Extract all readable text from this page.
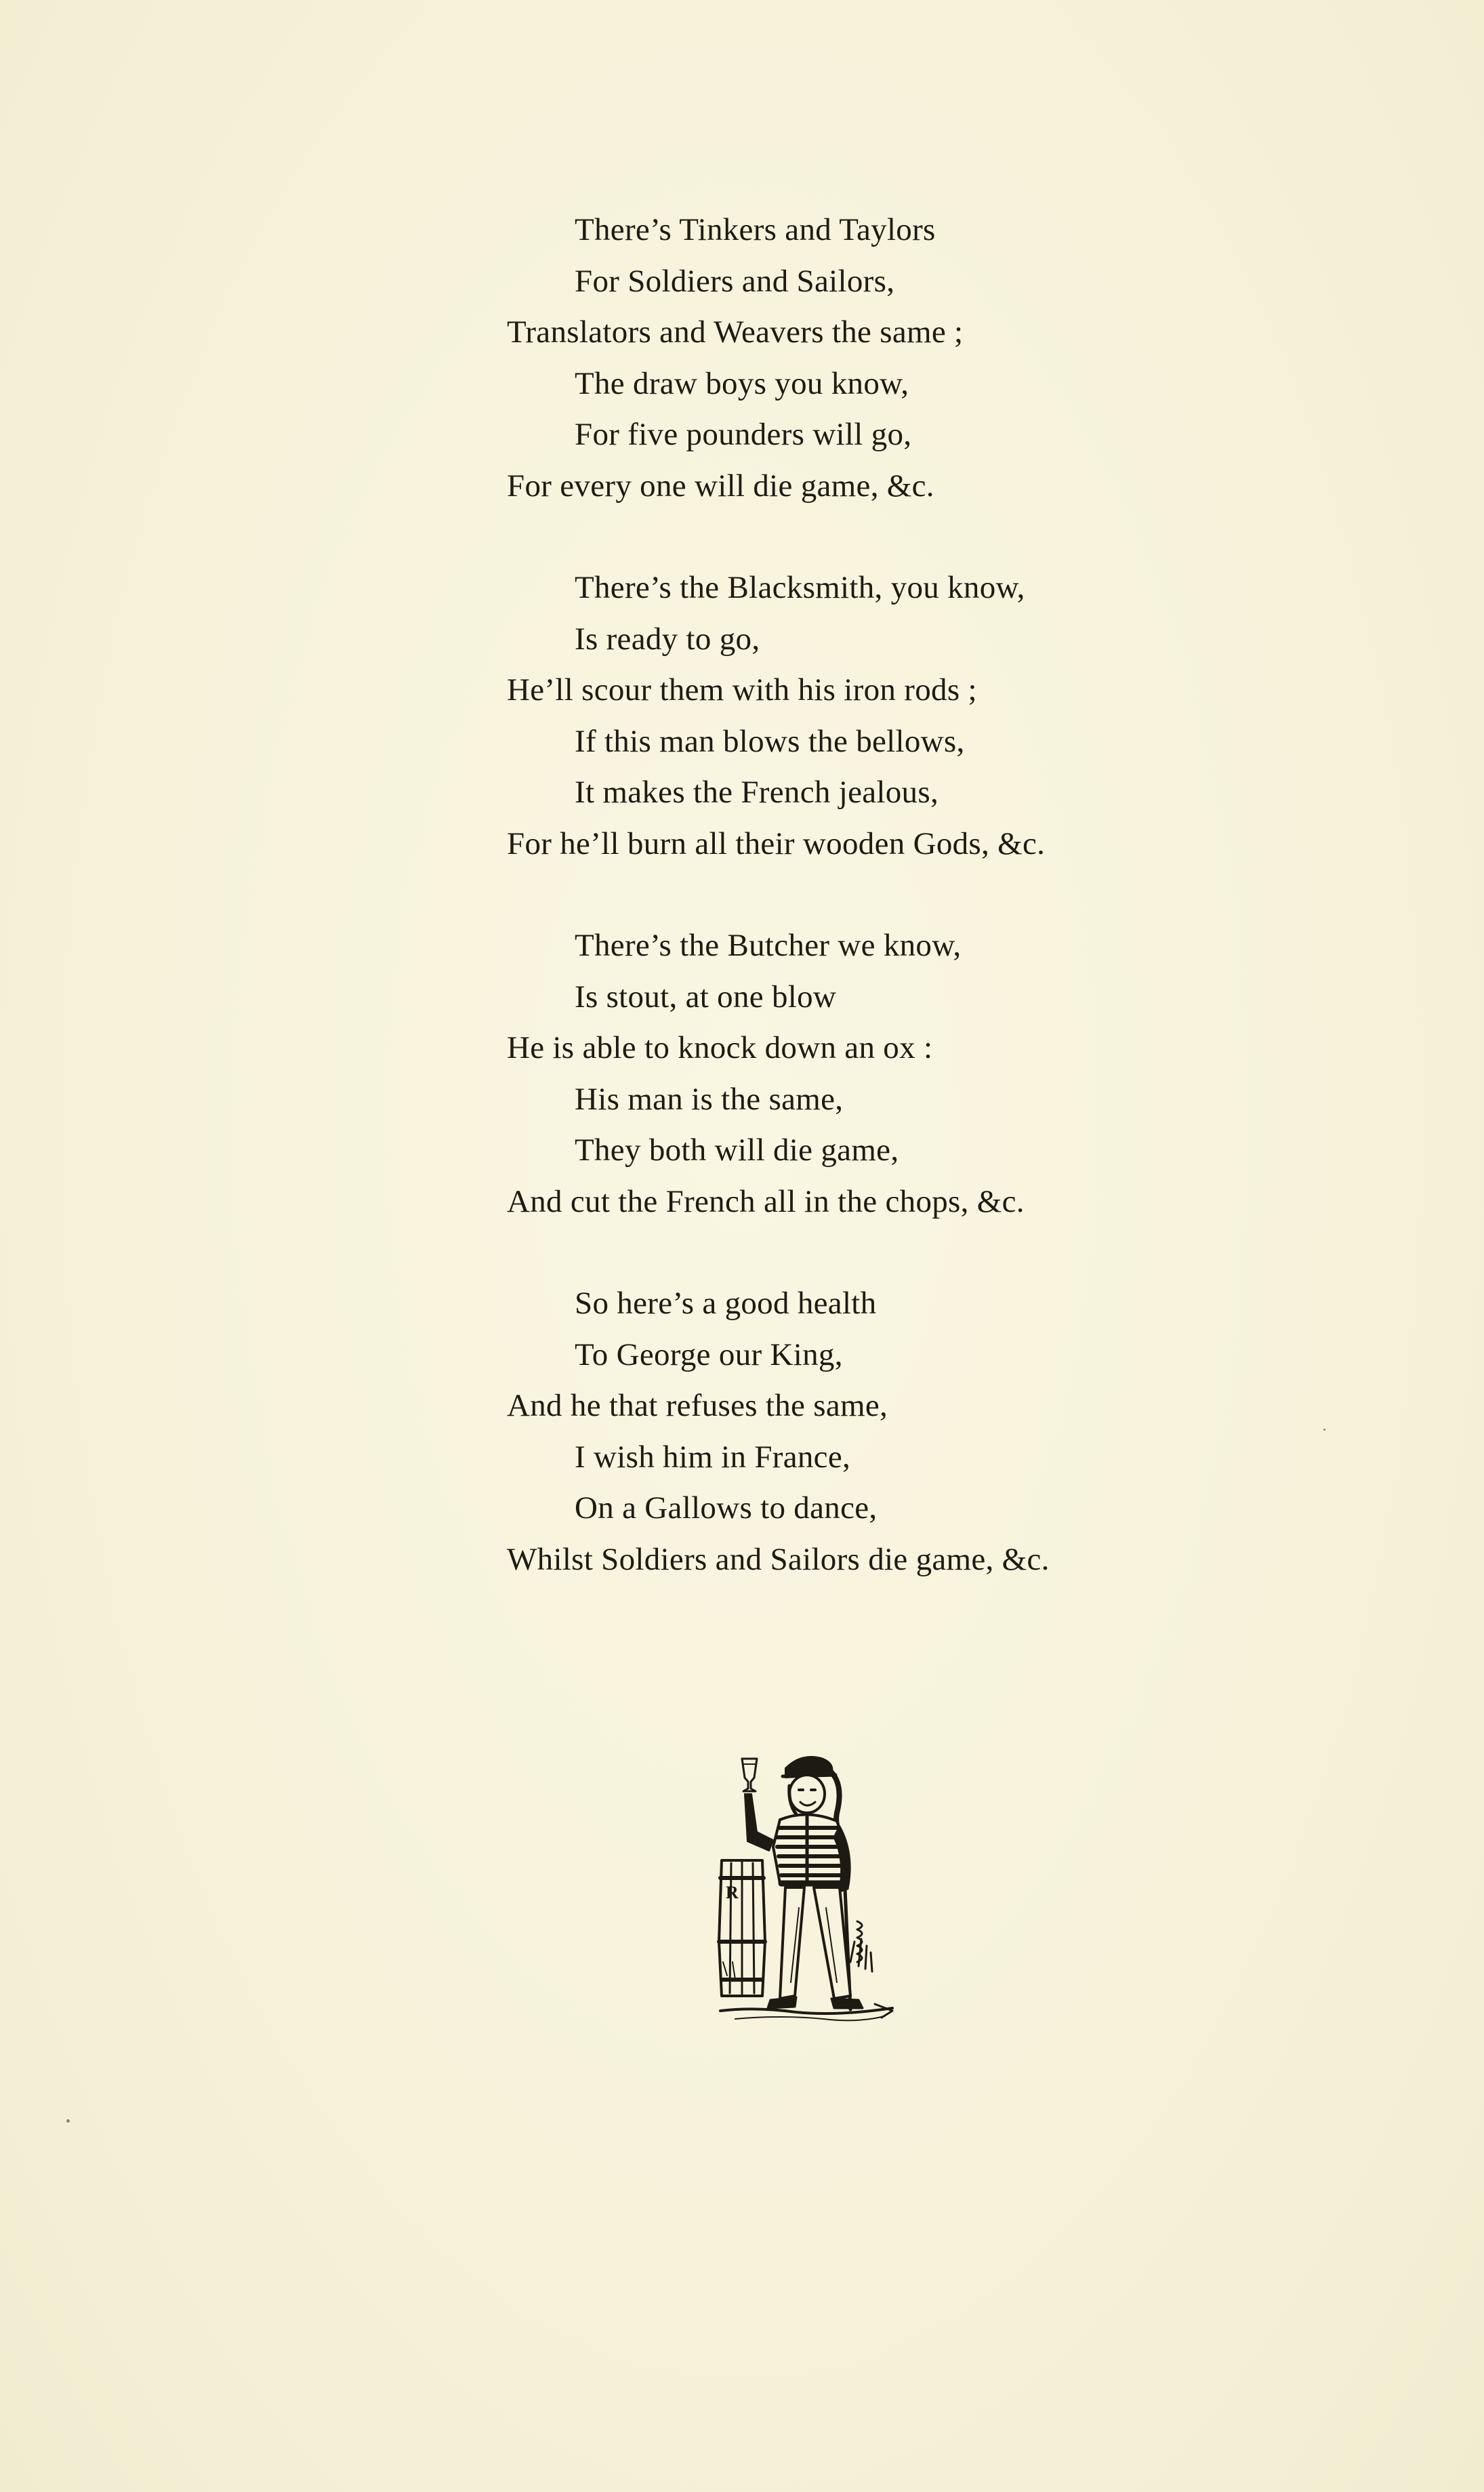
There’s Tinkers and Taylors
For Soldiers and Sailors,
Translators and Weavers the same ;
The draw boys you know,
For five pounders will go,
For every one will die game, &c.
There’s the Blacksmith, you know,
Is ready to go,
He’ll scour them with his iron rods ;
If this man blows the bellows,
It makes the French jealous,
For he’ll burn all their wooden Gods, &c.
There’s the Butcher we know,
Is stout, at one blow
He is able to knock down an ox :
His man is the same,
They both will die game,
And cut the French all in the chops, &c.
So here’s a good health
To George our King,
And he that refuses the same,
I wish him in France,
On a Gallows to dance,
Whilst Soldiers and Sailors die game, &c.
R
